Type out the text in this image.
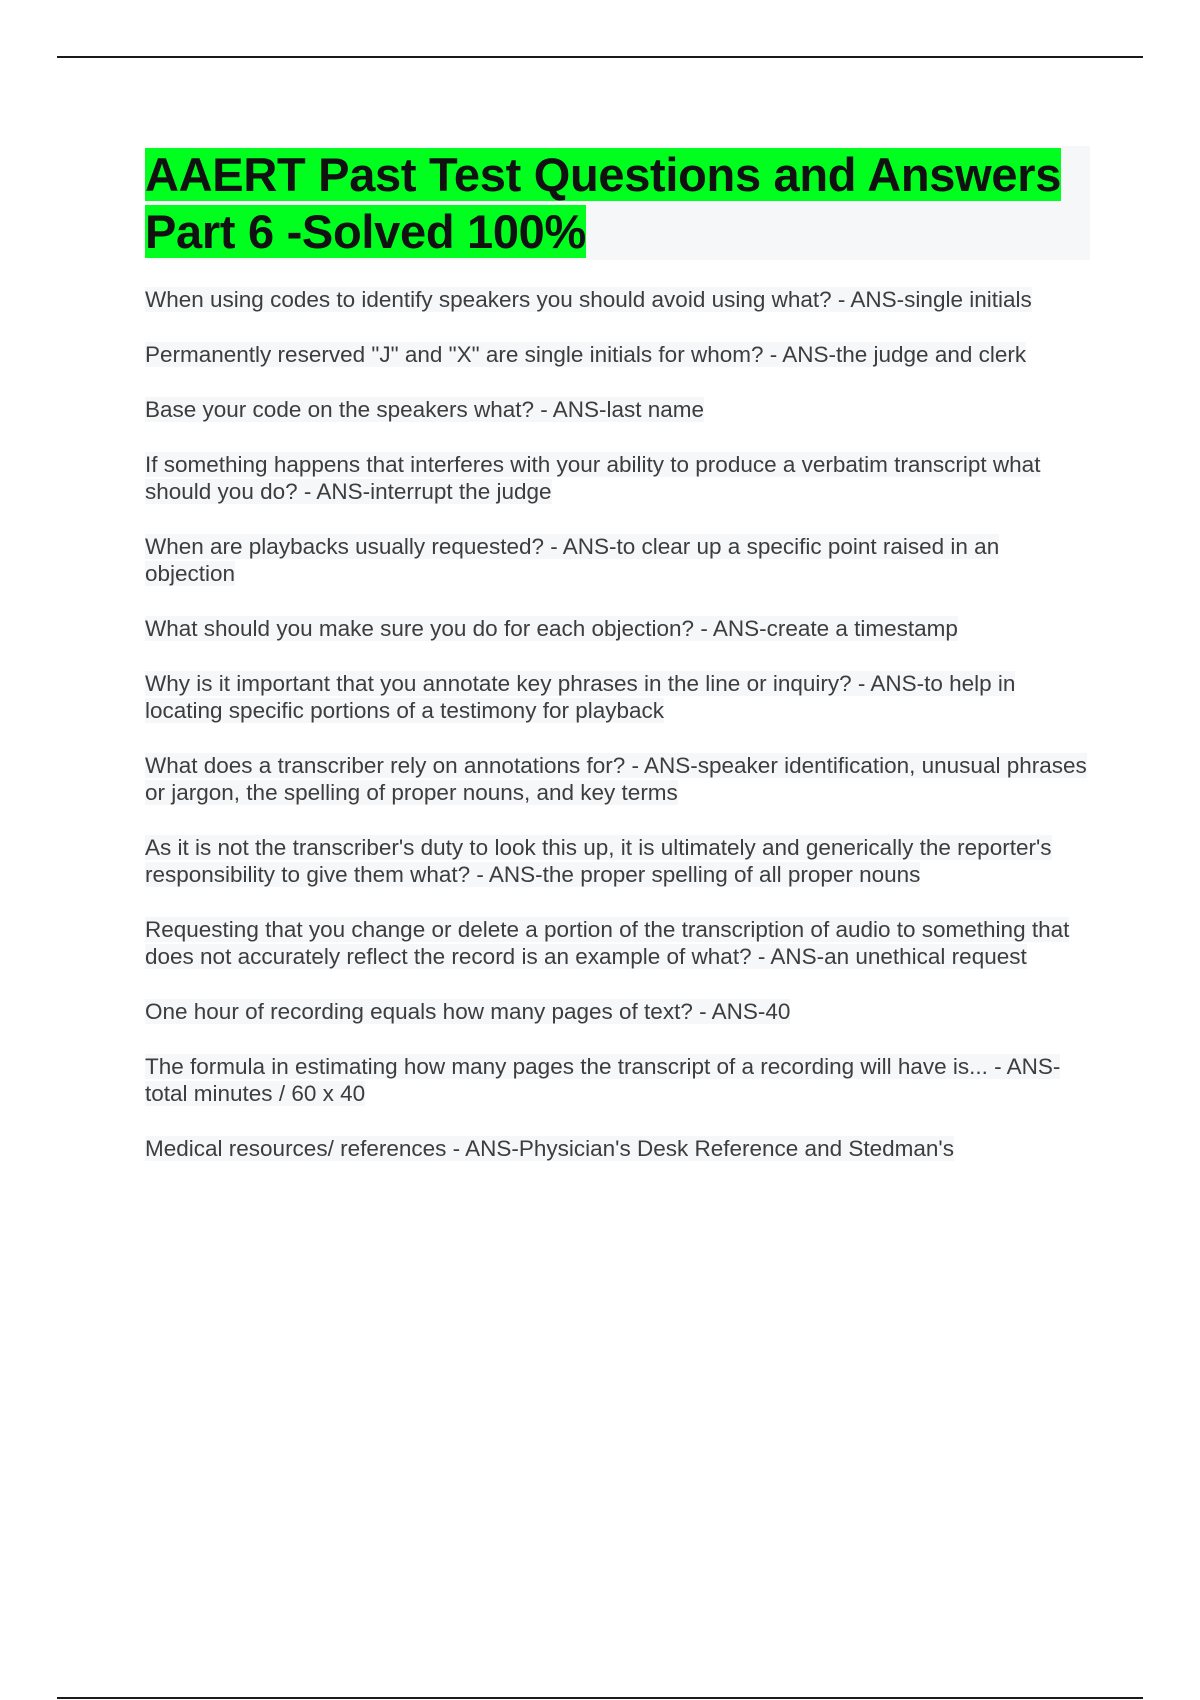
AAERT Past Test Questions and Answers Part 6 -Solved 100%

When using codes to identify speakers you should avoid using what? - ANS-single initials

Permanently reserved "J" and "X" are single initials for whom? - ANS-the judge and clerk

Base your code on the speakers what? - ANS-last name

If something happens that interferes with your ability to produce a verbatim transcript what should you do? - ANS-interrupt the judge

When are playbacks usually requested? - ANS-to clear up a specific point raised in an objection

What should you make sure you do for each objection? - ANS-create a timestamp

Why is it important that you annotate key phrases in the line or inquiry? - ANS-to help in locating specific portions of a testimony for playback

What does a transcriber rely on annotations for? - ANS-speaker identification, unusual phrases or jargon, the spelling of proper nouns, and key terms

As it is not the transcriber's duty to look this up, it is ultimately and generically the reporter's responsibility to give them what? - ANS-the proper spelling of all proper nouns

Requesting that you change or delete a portion of the transcription of audio to something that does not accurately reflect the record is an example of what? - ANS-an unethical request

One hour of recording equals how many pages of text? - ANS-40

The formula in estimating how many pages the transcript of a recording will have is... - ANS-total minutes / 60 x 40

Medical resources/ references - ANS-Physician's Desk Reference and Stedman's
